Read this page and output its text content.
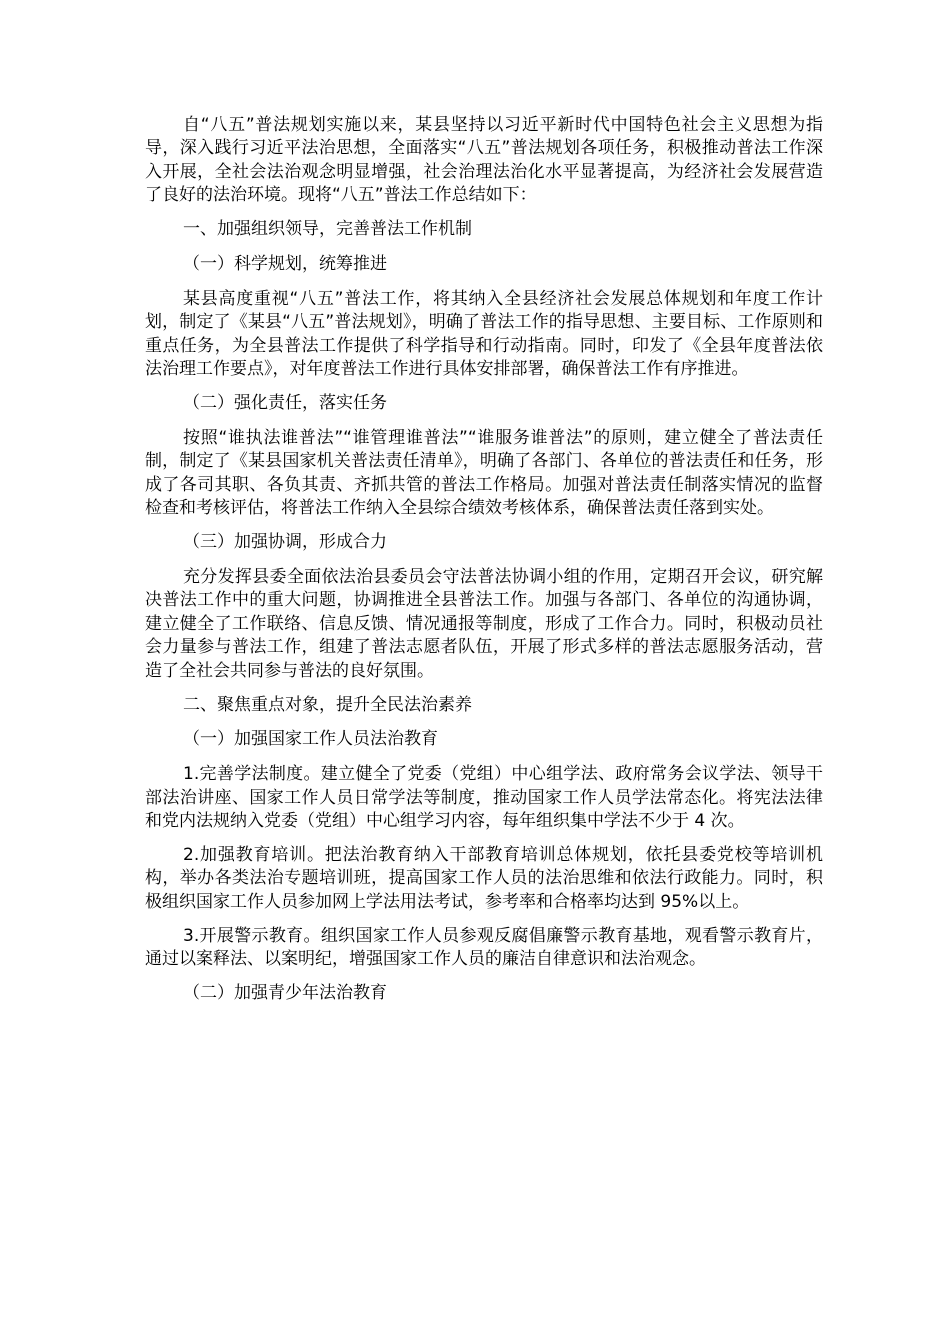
自“八五”普法规划实施以来，某县坚持以习近平新时代中国特色社会主义思想为指导，深入践行习近平法治思想，全面落实“八五”普法规划各项任务，积极推动普法工作深入开展，全社会法治观念明显增强，社会治理法治化水平显著提高，为经济社会发展营造了良好的法治环境。现将“八五”普法工作总结如下：

一、加强组织领导，完善普法工作机制

（一）科学规划，统筹推进

某县高度重视“八五”普法工作，将其纳入全县经济社会发展总体规划和年度工作计划，制定了《某县“八五”普法规划》，明确了普法工作的指导思想、主要目标、工作原则和重点任务，为全县普法工作提供了科学指导和行动指南。同时，印发了《全县年度普法依法治理工作要点》，对年度普法工作进行具体安排部署，确保普法工作有序推进。

（二）强化责任，落实任务

按照“谁执法谁普法”“谁管理谁普法”“谁服务谁普法”的原则，建立健全了普法责任制，制定了《某县国家机关普法责任清单》，明确了各部门、各单位的普法责任和任务，形成了各司其职、各负其责、齐抓共管的普法工作格局。加强对普法责任制落实情况的监督检查和考核评估，将普法工作纳入全县综合绩效考核体系，确保普法责任落到实处。

（三）加强协调，形成合力

充分发挥县委全面依法治县委员会守法普法协调小组的作用，定期召开会议，研究解决普法工作中的重大问题，协调推进全县普法工作。加强与各部门、各单位的沟通协调，建立健全了工作联络、信息反馈、情况通报等制度，形成了工作合力。同时，积极动员社会力量参与普法工作，组建了普法志愿者队伍，开展了形式多样的普法志愿服务活动，营造了全社会共同参与普法的良好氛围。

二、聚焦重点对象，提升全民法治素养

（一）加强国家工作人员法治教育

1.完善学法制度。建立健全了党委（党组）中心组学法、政府常务会议学法、领导干部法治讲座、国家工作人员日常学法等制度，推动国家工作人员学法常态化。将宪法法律和党内法规纳入党委（党组）中心组学习内容，每年组织集中学法不少于 4 次。

2.加强教育培训。把法治教育纳入干部教育培训总体规划，依托县委党校等培训机构，举办各类法治专题培训班，提高国家工作人员的法治思维和依法行政能力。同时，积极组织国家工作人员参加网上学法用法考试，参考率和合格率均达到 95%以上。

3.开展警示教育。组织国家工作人员参观反腐倡廉警示教育基地，观看警示教育片，通过以案释法、以案明纪，增强国家工作人员的廉洁自律意识和法治观念。

（二）加强青少年法治教育
